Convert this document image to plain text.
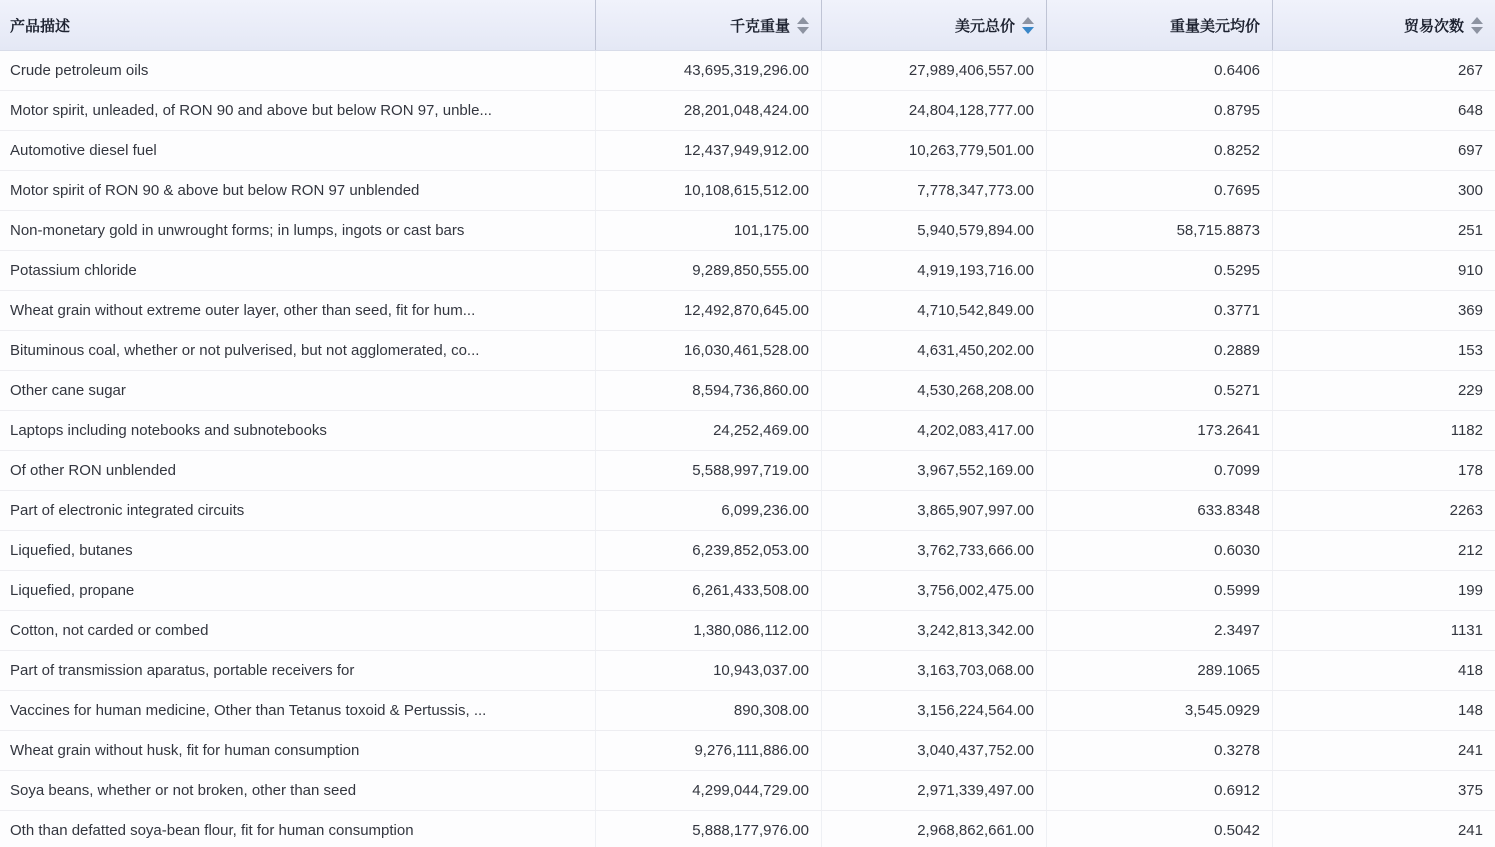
产品描述	千克重量	美元总价	重量美元均价	贸易次数
Crude petroleum oils	43,695,319,296.00	27,989,406,557.00	0.6406	267
Motor spirit, unleaded, of RON 90 and above but below RON 97, unble...	28,201,048,424.00	24,804,128,777.00	0.8795	648
Automotive diesel fuel	12,437,949,912.00	10,263,779,501.00	0.8252	697
Motor spirit of RON 90 & above but below RON 97 unblended	10,108,615,512.00	7,778,347,773.00	0.7695	300
Non-monetary gold in unwrought forms; in lumps, ingots or cast bars	101,175.00	5,940,579,894.00	58,715.8873	251
Potassium chloride	9,289,850,555.00	4,919,193,716.00	0.5295	910
Wheat grain without extreme outer layer, other than seed, fit for hum...	12,492,870,645.00	4,710,542,849.00	0.3771	369
Bituminous coal, whether or not pulverised, but not agglomerated, co...	16,030,461,528.00	4,631,450,202.00	0.2889	153
Other cane sugar	8,594,736,860.00	4,530,268,208.00	0.5271	229
Laptops including notebooks and subnotebooks	24,252,469.00	4,202,083,417.00	173.2641	1182
Of other RON unblended	5,588,997,719.00	3,967,552,169.00	0.7099	178
Part of electronic integrated circuits	6,099,236.00	3,865,907,997.00	633.8348	2263
Liquefied, butanes	6,239,852,053.00	3,762,733,666.00	0.6030	212
Liquefied, propane	6,261,433,508.00	3,756,002,475.00	0.5999	199
Cotton, not carded or combed	1,380,086,112.00	3,242,813,342.00	2.3497	1131
Part of transmission aparatus, portable receivers for	10,943,037.00	3,163,703,068.00	289.1065	418
Vaccines for human medicine, Other than Tetanus toxoid & Pertussis, ...	890,308.00	3,156,224,564.00	3,545.0929	148
Wheat grain without husk, fit for human consumption	9,276,111,886.00	3,040,437,752.00	0.3278	241
Soya beans, whether or not broken, other than seed	4,299,044,729.00	2,971,339,497.00	0.6912	375
Oth than defatted soya-bean flour, fit for human consumption	5,888,177,976.00	2,968,862,661.00	0.5042	241
